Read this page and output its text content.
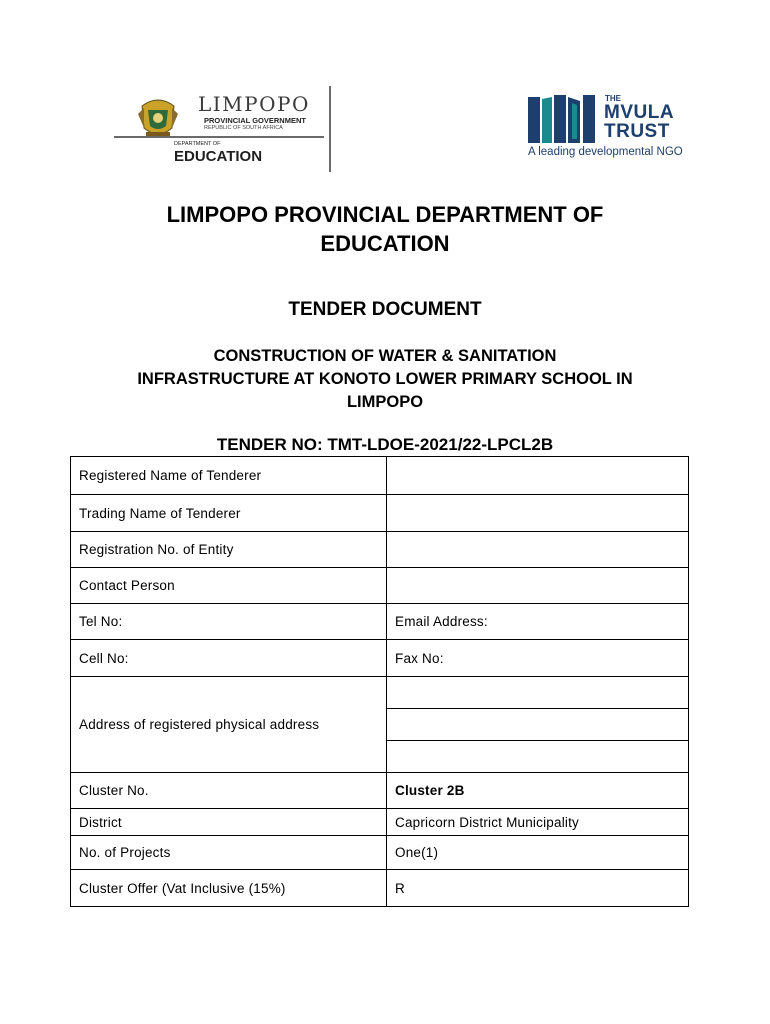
LIMPOPO
PROVINCIAL GOVERNMENT
REPUBLIC OF SOUTH AFRICA
DEPARTMENT OF
EDUCATION
THE
MVULA
TRUST
A leading developmental NGO
LIMPOPO PROVINCIAL DEPARTMENT OF
EDUCATION
TENDER DOCUMENT
CONSTRUCTION OF WATER & SANITATION
INFRASTRUCTURE AT KONOTO LOWER PRIMARY SCHOOL IN
LIMPOPO
TENDER NO: TMT-LDOE-2021/22-LPCL2B
Registered Name of Tenderer	
Trading Name of Tenderer	
Registration No. of Entity	
Contact Person	
Tel No:	Email Address:
Cell No:	Fax No:
Address of registered physical address	

Cluster No.	Cluster 2B
District	Capricorn District Municipality
No. of Projects	One(1)
Cluster Offer (Vat Inclusive (15%)	R
